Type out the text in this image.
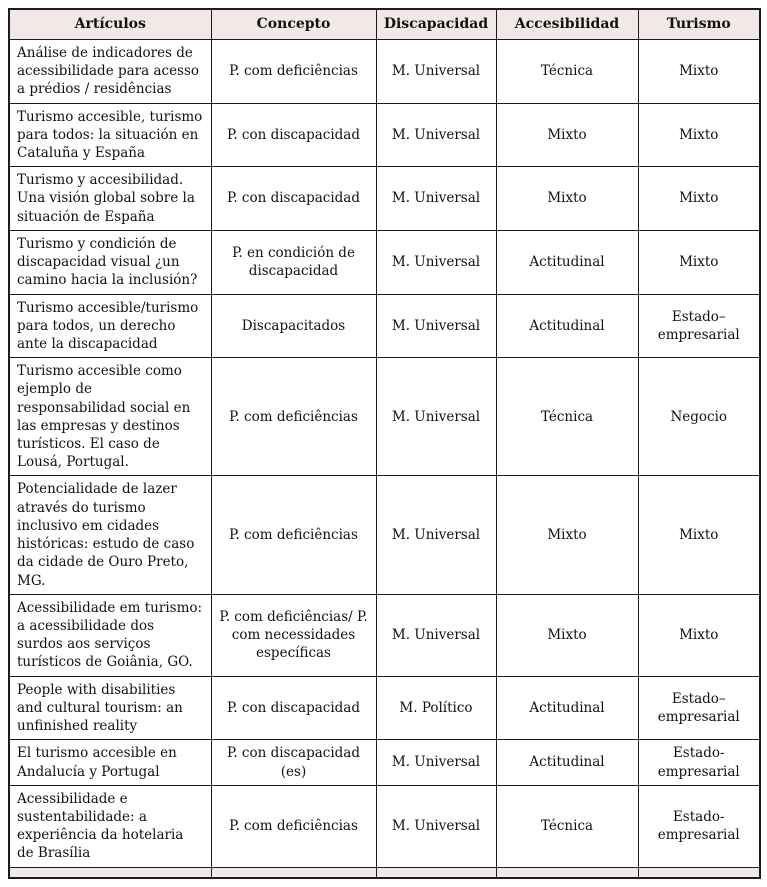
Artículos	Concepto	Discapacidad	Accesibilidad	Turismo
Análise de indicadores de acessibilidade para acesso a prédios / residências	P. com deficiências	M. Universal	Técnica	Mixto
Turismo accesible, turismo para todos: la situación en Cataluña y España	P. con discapacidad	M. Universal	Mixto	Mixto
Turismo y accesibilidad. Una visión global sobre la situación de España	P. con discapacidad	M. Universal	Mixto	Mixto
Turismo y condición de discapacidad visual ¿un camino hacia la inclusión?	P. en condición de discapacidad	M. Universal	Actitudinal	Mixto
Turismo accesible/turismo para todos, un derecho ante la discapacidad	Discapacitados	M. Universal	Actitudinal	Estado–empresarial
Turismo accesible como ejemplo de responsabilidad social en las empresas y destinos turísticos. El caso de Lousá, Portugal.	P. com deficiências	M. Universal	Técnica	Negocio
Potencialidade de lazer através do turismo inclusivo em cidades históricas: estudo de caso da cidade de Ouro Preto, MG.	P. com deficiências	M. Universal	Mixto	Mixto
Acessibilidade em turismo: a acessibilidade dos surdos aos serviços turísticos de Goiânia, GO.	P. com deficiências/ P. com necessidades específicas	M. Universal	Mixto	Mixto
People with disabilities and cultural tourism: an unfinished reality	P. con discapacidad	M. Político	Actitudinal	Estado–empresarial
El turismo accesible en Andalucía y Portugal	P. con discapacidad (es)	M. Universal	Actitudinal	Estado-empresarial
Acessibilidade e sustentabilidade: a experiência da hotelaria de Brasília	P. com deficiências	M. Universal	Técnica	Estado-empresarial
